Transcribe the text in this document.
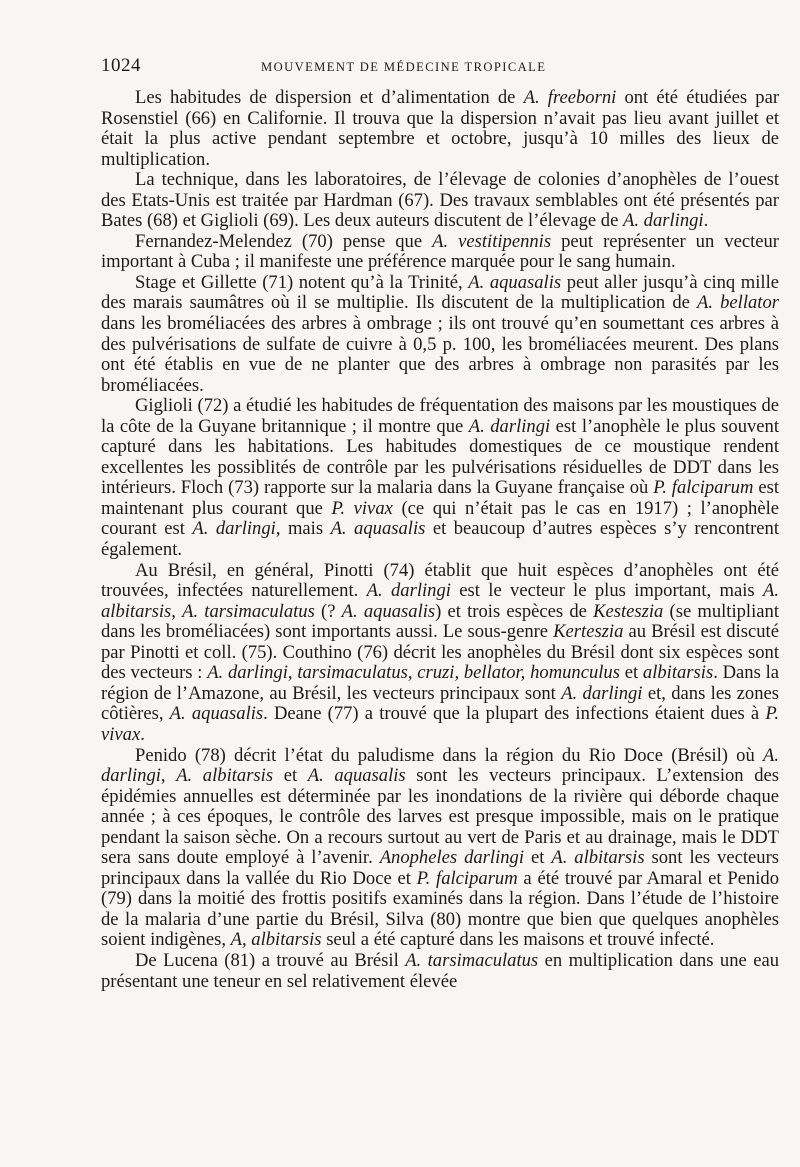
1024	MOUVEMENT DE MÉDECINE TROPICALE

Les habitudes de dispersion et d’alimentation de A. freeborni ont été étudiées par Rosenstiel (66) en Californie. Il trouva que la dispersion n’avait pas lieu avant juillet et était la plus active pendant septembre et octobre, jusqu’à 10 milles des lieux de multiplication.

La technique, dans les laboratoires, de l’élevage de colonies d’anophèles de l’ouest des Etats-Unis est traitée par Hardman (67). Des travaux semblables ont été présentés par Bates (68) et Giglioli (69). Les deux auteurs discutent de l’élevage de A. darlingi.

Fernandez-Melendez (70) pense que A. vestitipennis peut représenter un vecteur important à Cuba ; il manifeste une préférence marquée pour le sang humain.

Stage et Gillette (71) notent qu’à la Trinité, A. aquasalis peut aller jusqu’à cinq mille des marais saumâtres où il se multiplie. Ils discutent de la multiplication de A. bellator dans les broméliacées des arbres à ombrage ; ils ont trouvé qu’en soumettant ces arbres à des pulvérisations de sulfate de cuivre à 0,5 p. 100, les broméliacées meurent. Des plans ont été établis en vue de ne planter que des arbres à ombrage non parasités par les broméliacées.

Giglioli (72) a étudié les habitudes de fréquentation des maisons par les moustiques de la côte de la Guyane britannique ; il montre que A. darlingi est l’anophèle le plus souvent capturé dans les habitations. Les habitudes domestiques de ce moustique rendent excellentes les possiblités de contrôle par les pulvérisations résiduelles de DDT dans les intérieurs. Floch (73) rapporte sur la malaria dans la Guyane française où P. falciparum est maintenant plus courant que P. vivax (ce qui n’était pas le cas en 1917) ; l’anophèle courant est A. darlingi, mais A. aquasalis et beaucoup d’autres espèces s’y rencontrent également.

Au Brésil, en général, Pinotti (74) établit que huit espèces d’anophèles ont été trouvées, infectées naturellement. A. darlingi est le vecteur le plus important, mais A. albitarsis, A. tarsimaculatus (? A. aquasalis) et trois espèces de Kesteszia (se multipliant dans les broméliacées) sont importants aussi. Le sous-genre Kerteszia au Brésil est discuté par Pinotti et coll. (75). Couthino (76) décrit les anophèles du Brésil dont six espèces sont des vecteurs : A. darlingi, tarsimaculatus, cruzi, bellator, homunculus et albitarsis. Dans la région de l’Amazone, au Brésil, les vecteurs principaux sont A. darlingi et, dans les zones côtières, A. aquasalis. Deane (77) a trouvé que la plupart des infections étaient dues à P. vivax.

Penido (78) décrit l’état du paludisme dans la région du Rio Doce (Brésil) où A. darlingi, A. albitarsis et A. aquasalis sont les vecteurs principaux. L’extension des épidémies annuelles est déterminée par les inondations de la rivière qui déborde chaque année ; à ces époques, le contrôle des larves est presque impossible, mais on le pratique pendant la saison sèche. On a recours surtout au vert de Paris et au drainage, mais le DDT sera sans doute employé à l’avenir. Anopheles darlingi et A. albitarsis sont les vecteurs principaux dans la vallée du Rio Doce et P. falciparum a été trouvé par Amaral et Penido (79) dans la moitié des frottis positifs examinés dans la région. Dans l’étude de l’histoire de la malaria d’une partie du Brésil, Silva (80) montre que bien que quelques anophèles soient indigènes, A, albitarsis seul a été capturé dans les maisons et trouvé infecté.

De Lucena (81) a trouvé au Brésil A. tarsimaculatus en multiplication dans une eau présentant une teneur en sel relativement élevée
